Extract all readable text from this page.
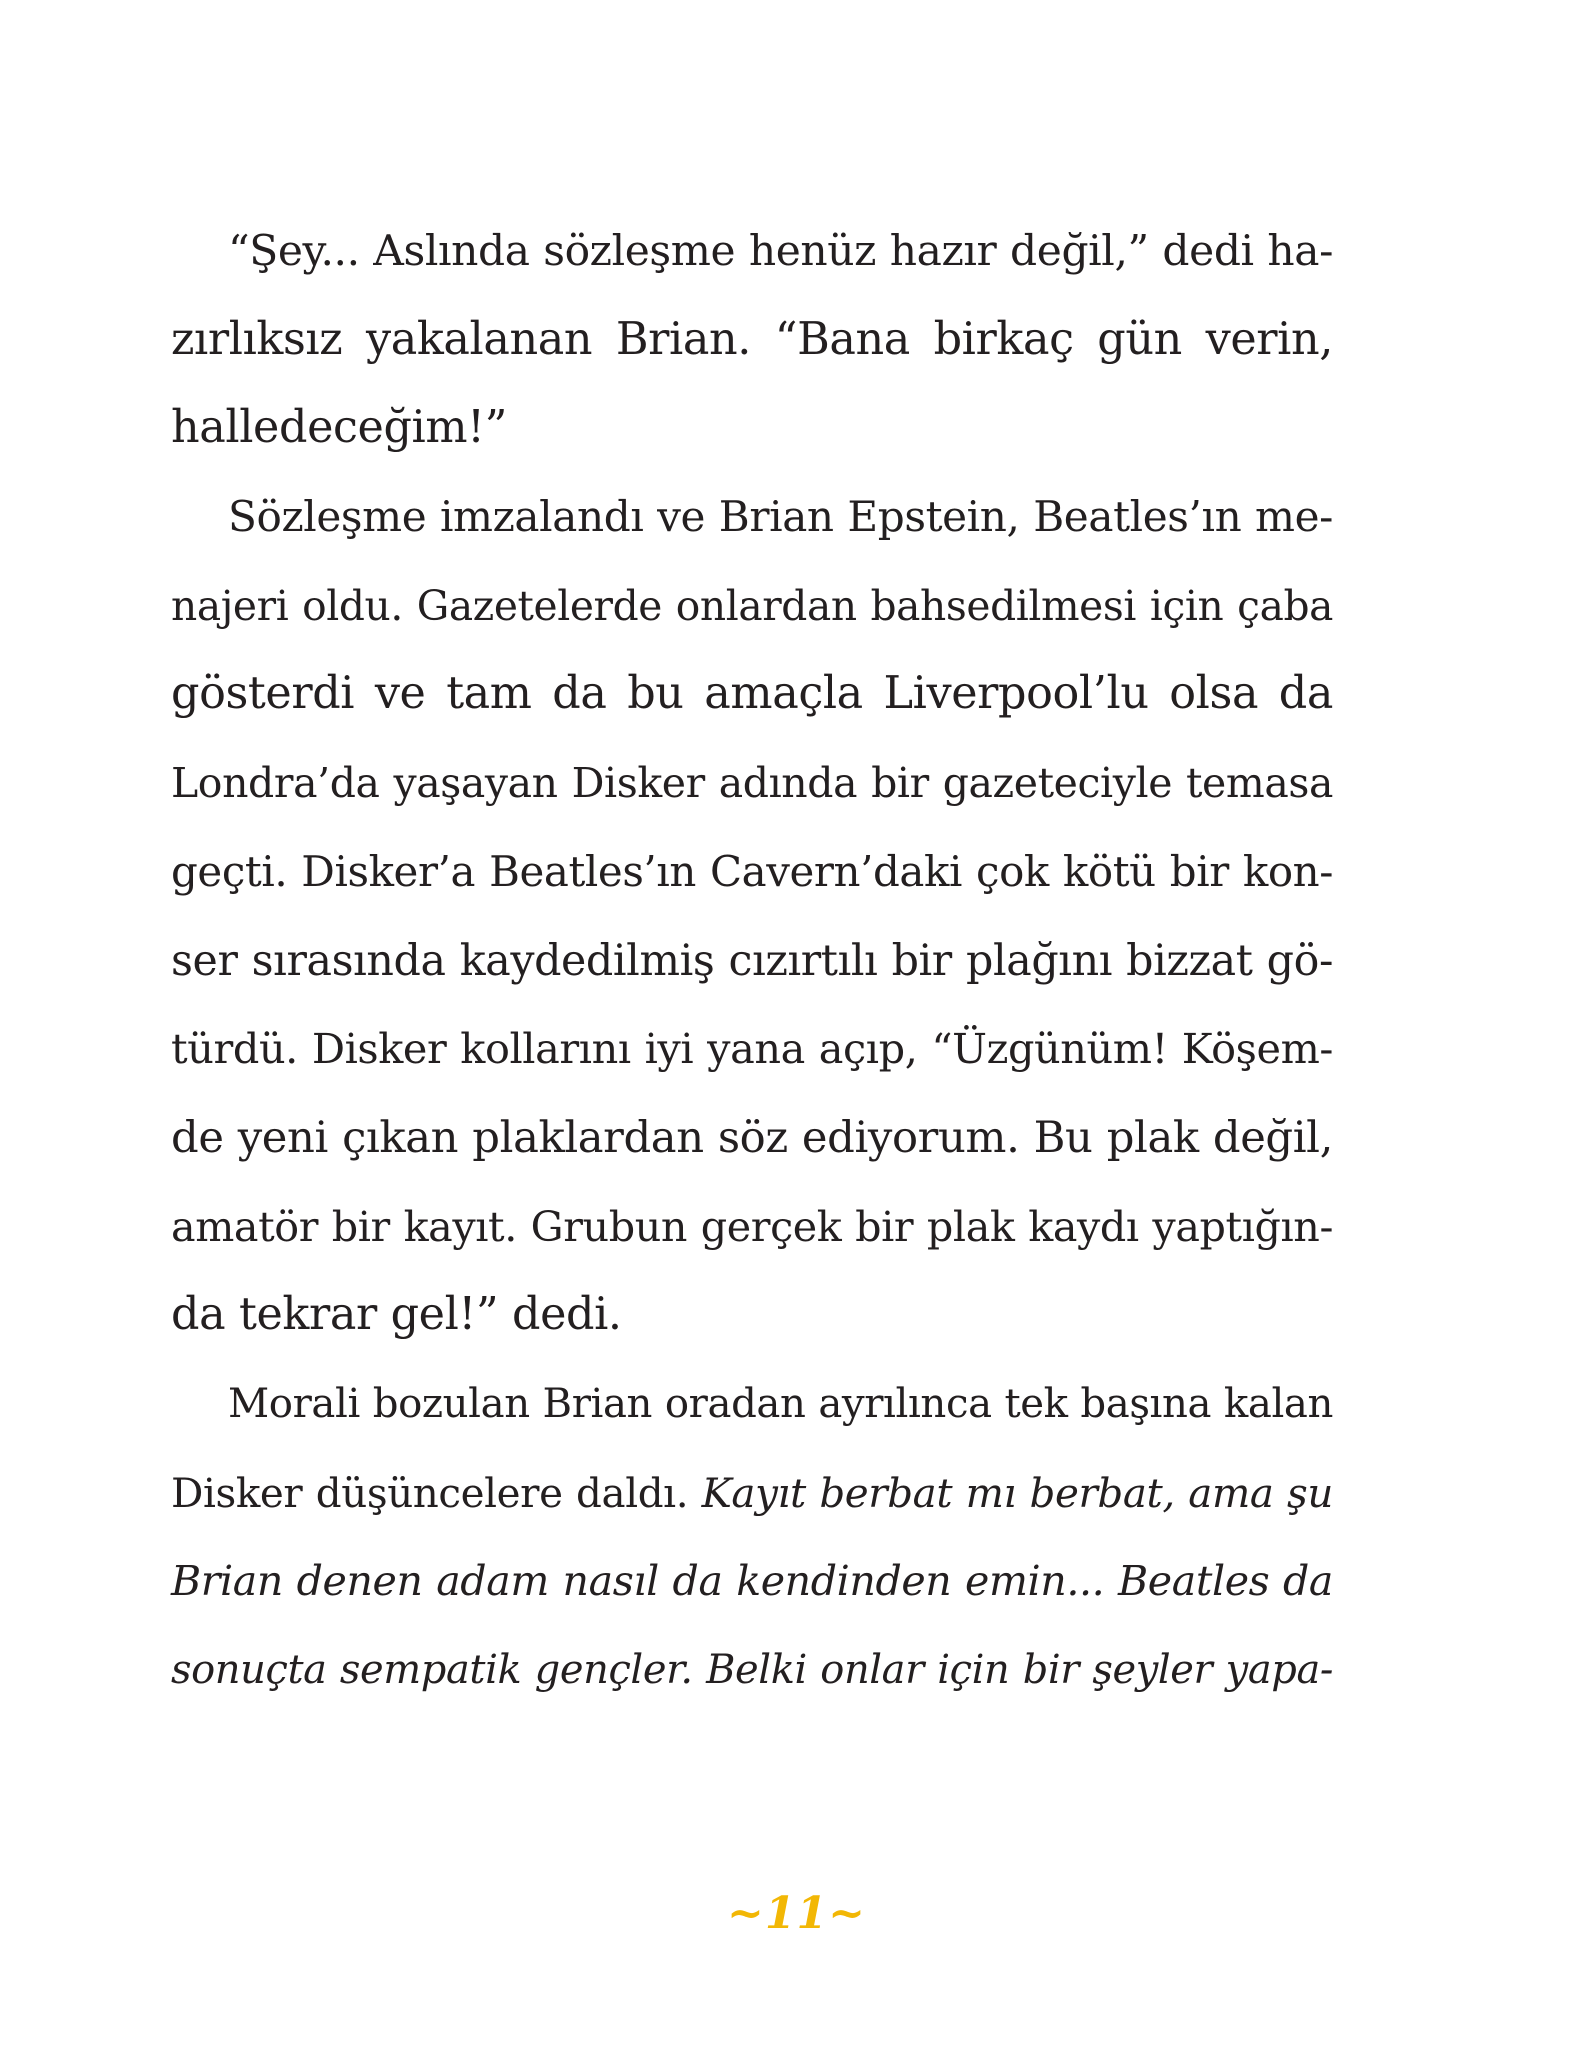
“Şey... Aslında sözleşme henüz hazır değil,” dedi ha-
zırlıksız yakalanan Brian. “Bana birkaç gün verin,
halledeceğim!”
Sözleşme imzalandı ve Brian Epstein, Beatles’ın me-
najeri oldu. Gazetelerde onlardan bahsedilmesi için çaba
gösterdi ve tam da bu amaçla Liverpool’lu olsa da
Londra’da yaşayan Disker adında bir gazeteciyle temasa
geçti. Disker’a Beatles’ın Cavern’daki çok kötü bir kon-
ser sırasında kaydedilmiş cızırtılı bir plağını bizzat gö-
türdü. Disker kollarını iyi yana açıp, “Üzgünüm! Köşem-
de yeni çıkan plaklardan söz ediyorum. Bu plak değil,
amatör bir kayıt. Grubun gerçek bir plak kaydı yaptığın-
da tekrar gel!” dedi.
Morali bozulan Brian oradan ayrılınca tek başına kalan
Disker düşüncelere daldı. Kayıt berbat mı berbat, ama şu
Brian denen adam nasıl da kendinden emin... Beatles da
sonuçta sempatik gençler. Belki onlar için bir şeyler yapa-
~11~
